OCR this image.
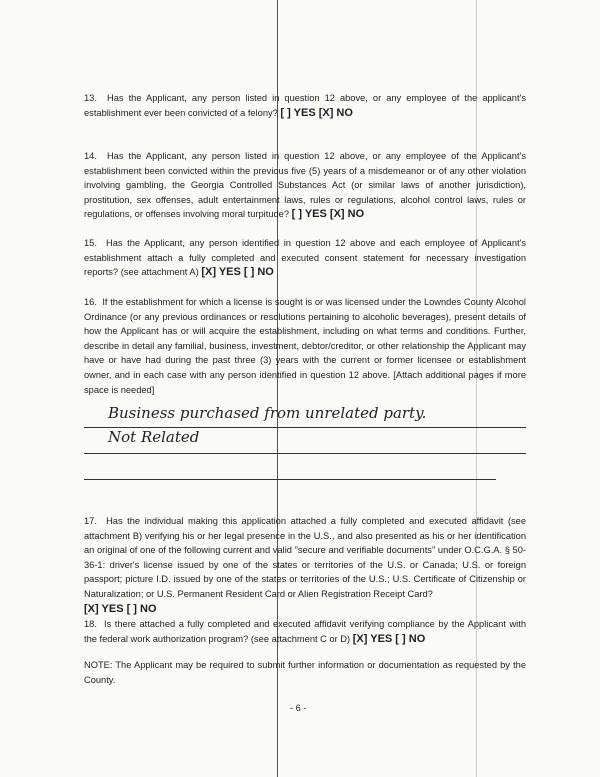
13. Has the Applicant, any person listed in question 12 above, or any employee of the applicant's establishment ever been convicted of a felony? [ ] YES [X] NO
14. Has the Applicant, any person listed in question 12 above, or any employee of the Applicant's establishment been convicted within the previous five (5) years of a misdemeanor or of any other violation involving gambling, the Georgia Controlled Substances Act (or similar laws of another jurisdiction), prostitution, sex offenses, adult entertainment laws, rules or regulations, alcohol control laws, rules or regulations, or offenses involving moral turpitude? [ ] YES [X] NO
15. Has the Applicant, any person identified in question 12 above and each employee of Applicant's establishment attach a fully completed and executed consent statement for necessary investigation reports? (see attachment A) [X] YES [ ] NO
16. If the establishment for which a license is sought is or was licensed under the Lowndes County Alcohol Ordinance (or any previous ordinances or resolutions pertaining to alcoholic beverages), present details of how the Applicant has or will acquire the establishment, including on what terms and conditions. Further, describe in detail any familial, business, investment, debtor/creditor, or other relationship the Applicant may have or have had during the past three (3) years with the current or former licensee or establishment owner, and in each case with any person identified in question 12 above. [Attach additional pages if more space is needed]
Business purchased from unrelated party.
Not Related
17. Has the individual making this application attached a fully completed and executed affidavit (see attachment B) verifying his or her legal presence in the U.S., and also presented as his or her identification an original of one of the following current and valid "secure and verifiable documents" under O.C.G.A. § 50-36-1: driver's license issued by one of the states or territories of the U.S. or Canada; U.S. or foreign passport; picture I.D. issued by one of the states or territories of the U.S.; U.S. Certificate of Citizenship or Naturalization; or U.S. Permanent Resident Card or Alien Registration Receipt Card?
[X] YES [ ] NO
18. Is there attached a fully completed and executed affidavit verifying compliance by the Applicant with the federal work authorization program? (see attachment C or D) [X] YES [ ] NO
NOTE: The Applicant may be required to submit further information or documentation as requested by the County.
- 6 -
